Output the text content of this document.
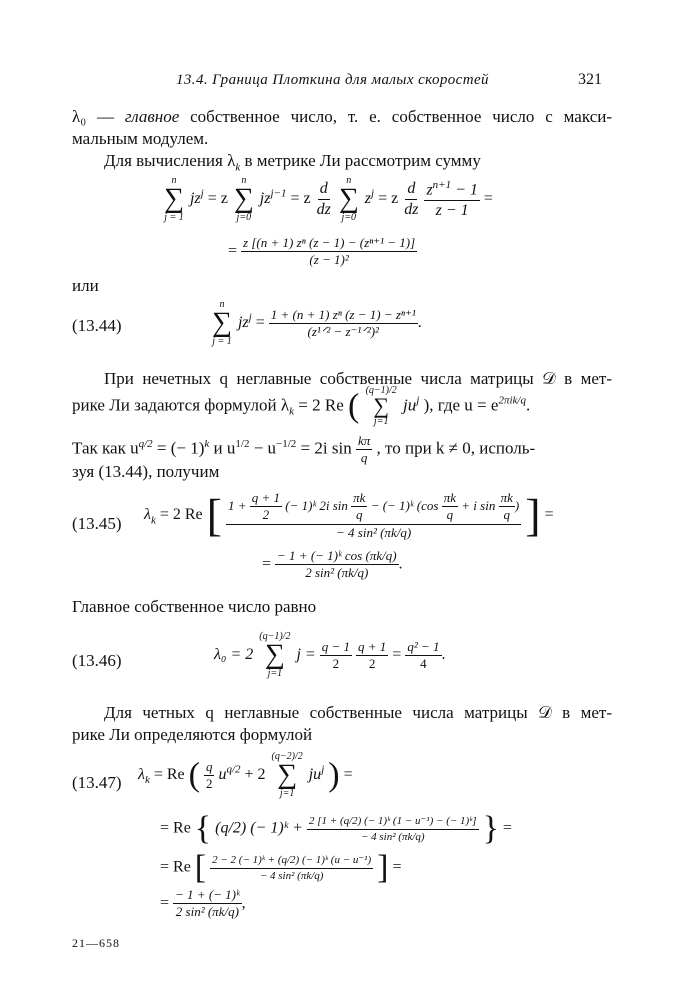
13.4. Граница Плоткина для малых скоростей	321
λ₀ — главное собственное число, т. е. собственное число с макси-
мальным модулем.
Для вычисления $\lambda_k$ в метрике Ли рассмотрим сумму
n
∑
j = 1
$jz^j = z$
n
∑
j=0
$jz^{j-1} = z \frac{d}{dz}$
n
∑
j=0
$z^j = z \frac{d}{dz}$
$\frac{z^{n+1} - 1}{z - 1}$ =
= $\frac{\text{z [(n + 1) zⁿ (z − 1) − (zⁿ⁺¹ − 1)]}}{\text{(z − 1)²}}$
или
(13.44)
n
∑
j = 1
$jz^j = \frac{\text{1 + (n + 1) zⁿ (z − 1) − zⁿ⁺¹}}{\text{(z¹ᐟ² − z⁻¹ᐟ²)²}}$ .
При нечетных q неглавные собственные числа матрицы 𝒟 в мет-
рике Ли задаются формулой $\lambda_k = 2$ Re ( (q−1)/2
∑
j=1
$ju^j$ ), где $u = e^{2\pi ik/q}$.
Так как $u^{q/2}$ = (− 1)$^k$ и $u^{1/2} - u^{-1/2} = 2i$ $\sin \frac{k\pi}{q}$ , то при k ≠ 0, исполь-
зуя (13.44), получим
(13.45) $\lambda_k = 2$ Re [ $1 + \frac{q + 1}{2}$ (− 1)ᵏ 2i $\sin \frac{\pi k}{q}$ − (− 1)ᵏ ($\cos \frac{\pi k}{q} + i$ $\sin \frac{\pi k}{q}$ )
− 4 sin² (πk/q) ] =
= $\frac{\text{− 1 + (− 1)ᵏ cos (πk/q)}}{\text{2 sin² (πk/q)}}$ .
Главное собственное число равно
(13.46)	λ₀ = 2
(q−1)/2
∑
j=1
$j = \frac{q - 1}{2}$
$\frac{q + 1}{2} = \frac{\text{q² − 1}}{4}$ .
Для четных q неглавные собственные числа матрицы 𝒟 в мет-
рике Ли определяются формулой
(13.47) $\lambda_k = Re$ ( $\frac{q}{2} u^{q/2} + 2$
(q−2)/2
∑
j=1
$ju^j$ ) =
= Re { (q/2) (− 1)ᵏ + $\frac{\text{2 [1 + (q/2) (− 1)ᵏ (1 − u⁻¹) − (− 1)ᵏ]}}{\text{− 4 sin² (πk/q)}}$ } =
= Re [ $\frac{\text{2 − 2 (− 1)ᵏ + (q/2) (− 1)ᵏ (u − u⁻¹)}}{\text{− 4 sin² (πk/q)}}$ ] =
= $\frac{\text{− 1 + (− 1)ᵏ}}{\text{2 sin² (πk/q)}}$ ,
21—658
